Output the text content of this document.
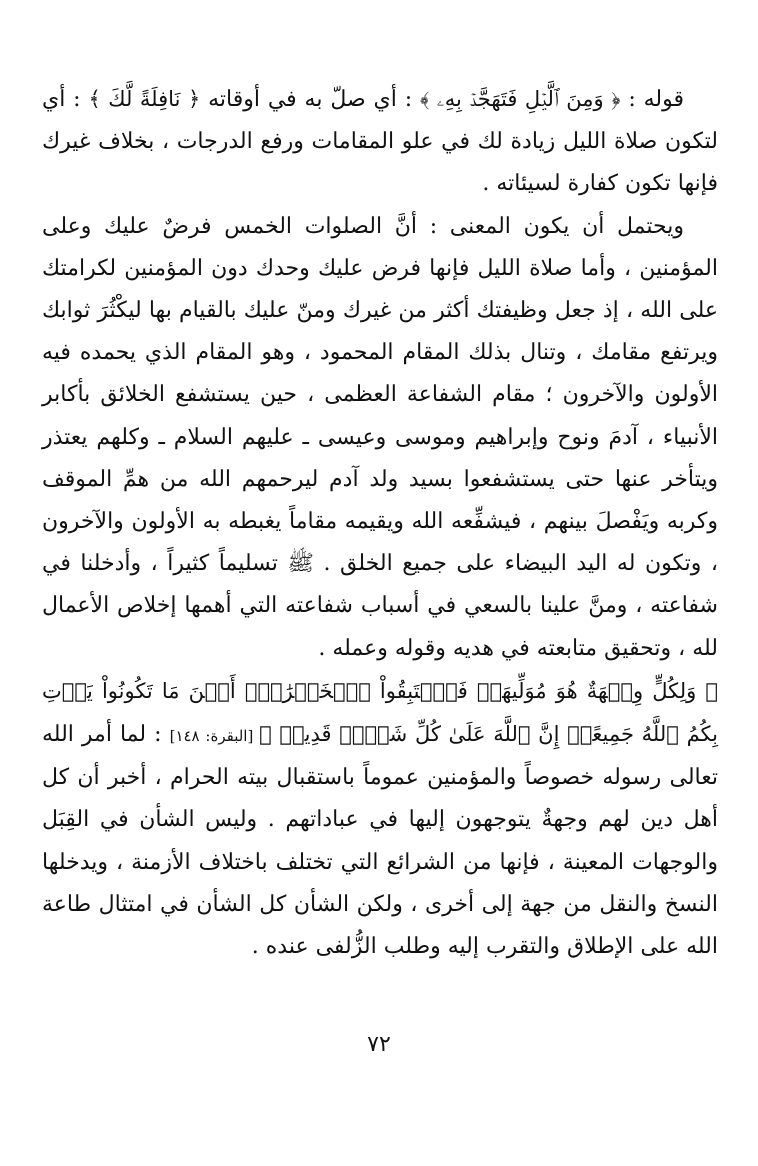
قوله : ﴿ وَمِنَ ٱلَّيۡلِ فَتَهَجَّدۡ بِهِۦ ﴾ : أي صلّ به في أوقاته ﴿ نَافِلَةً لَّكَ ﴾ : أي لتكون صلاة الليل زيادة لك في علو المقامات ورفع الدرجات ، بخلاف غيرك فإنها تكون كفارة لسيئاته .

ويحتمل أن يكون المعنى : أنَّ الصلوات الخمس فرضٌ عليك وعلى المؤمنين ، وأما صلاة الليل فإنها فرض عليك وحدك دون المؤمنين لكرامتك على الله ، إذ جعل وظيفتك أكثر من غيرك ومنّ عليك بالقيام بها ليكْثُرَ ثوابك ويرتفع مقامك ، وتنال بذلك المقام المحمود ، وهو المقام الذي يحمده فيه الأولون والآخرون ؛ مقام الشفاعة العظمى ، حين يستشفع الخلائق بأكابر الأنبياء ، آدمَ ونوح وإبراهيم وموسى وعيسى ـ عليهم السلام ـ وكلهم يعتذر ويتأخر عنها حتى يستشفعوا بسيد ولد آدم ليرحمهم الله من همِّ الموقف وكربه ويَفْصلَ بينهم ، فيشفِّعه الله ويقيمه مقاماً يغبطه به الأولون والآخرون ، وتكون له اليد البيضاء على جميع الخلق . ﷺ تسليماً كثيراً ، وأدخلنا في شفاعته ، ومنَّ علينا بالسعي في أسباب شفاعته التي أهمها إخلاص الأعمال لله ، وتحقيق متابعته في هديه وقوله وعمله .

﴿ وَلِكُلٍّ وِجۡهَةٌ هُوَ مُوَلِّيهَاۖ فَٱسۡتَبِقُواْ ٱلۡخَيۡرَٰتِۚ أَيۡنَ مَا تَكُونُواْ يَأۡتِ بِكُمُ ٱللَّهُ جَمِيعًاۚ إِنَّ ٱللَّهَ عَلَىٰ كُلِّ شَيۡءٖ قَدِيرٞ ﴾ [البقرة: ١٤٨] : لما أمر الله تعالى رسوله خصوصاً والمؤمنين عموماً باستقبال بيته الحرام ، أخبر أن كل أهل دين لهم وجهةٌ يتوجهون إليها في عباداتهم . وليس الشأن في القِبَل والوجهات المعينة ، فإنها من الشرائع التي تختلف باختلاف الأزمنة ، ويدخلها النسخ والنقل من جهة إلى أخرى ، ولكن الشأن كل الشأن في امتثال طاعة الله على الإطلاق والتقرب إليه وطلب الزُّلفى عنده .

٧٢
